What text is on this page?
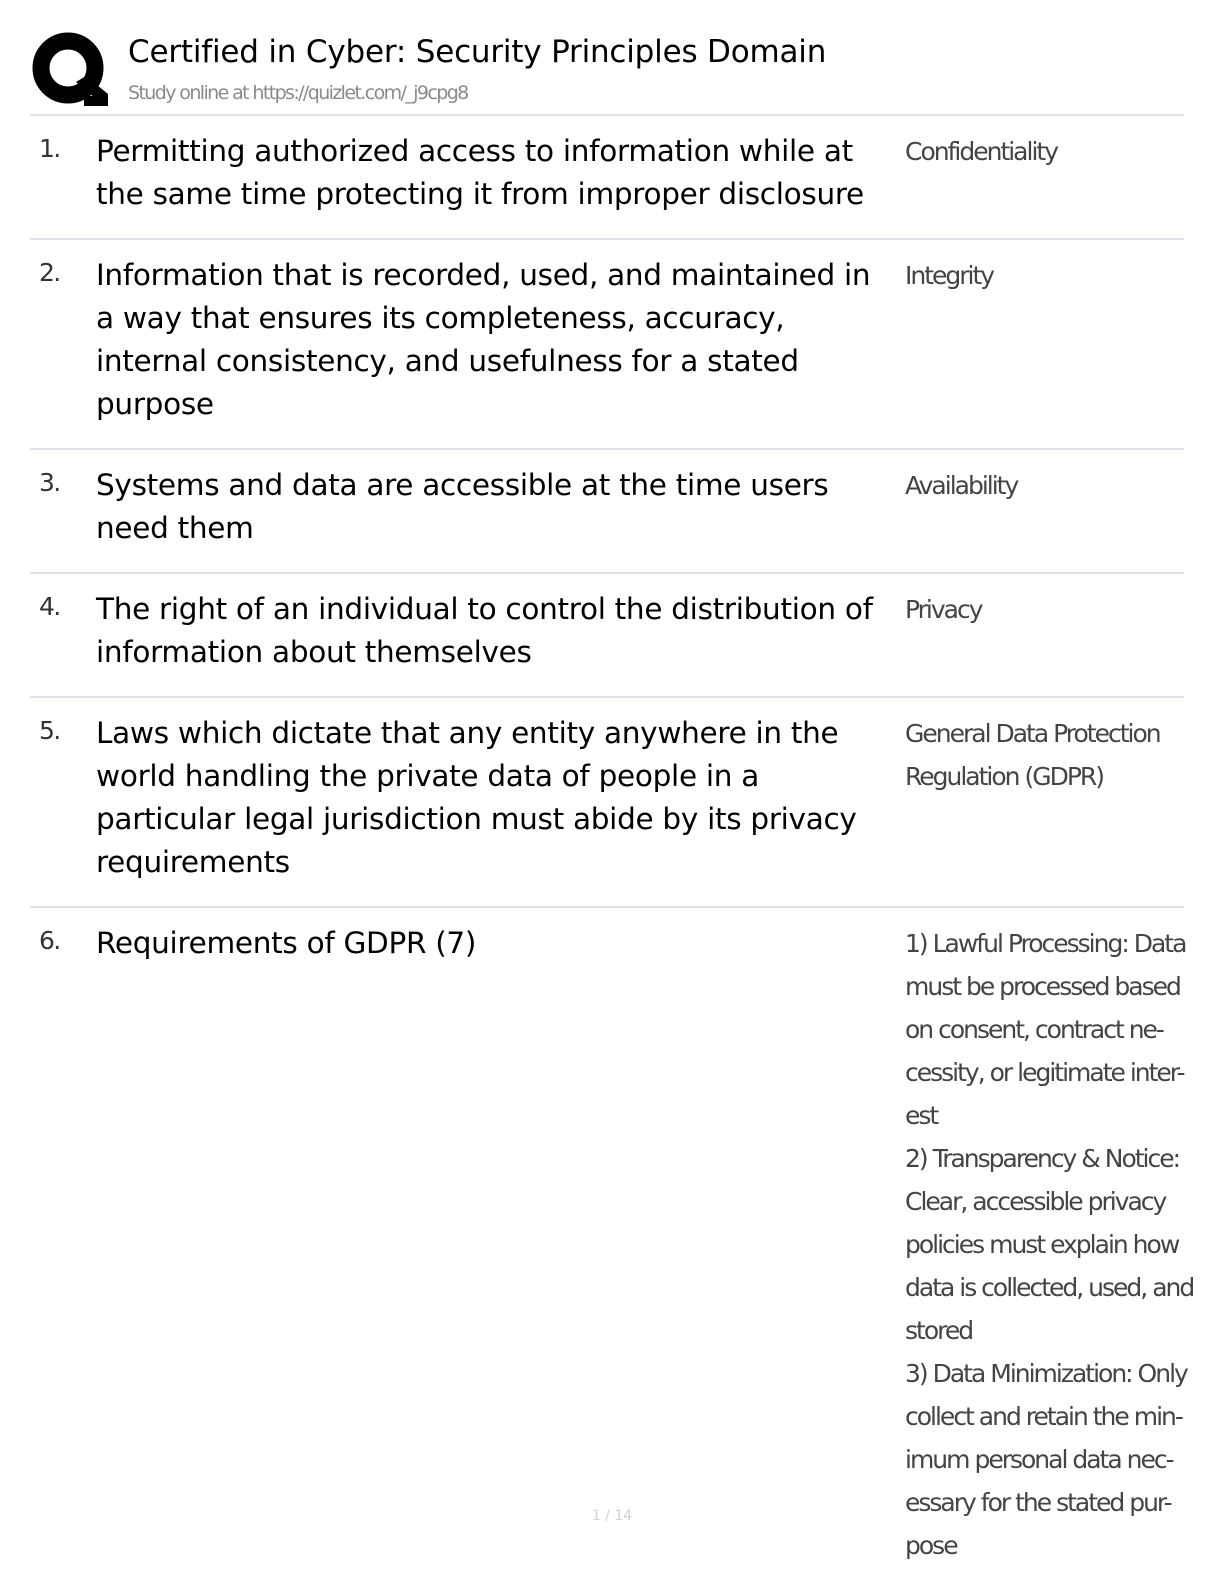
Certified in Cyber: Security Principles Domain
Study online at https://quizlet.com/_j9cpg8
1. Permitting authorized access to information while at the same time protecting it from improper disclosure
Confidentiality
2. Information that is recorded, used, and maintained in a way that ensures its completeness, accuracy, internal consistency, and usefulness for a stated purpose
Integrity
3. Systems and data are accessible at the time users need them
Availability
4. The right of an individual to control the distribution of information about themselves
Privacy
5. Laws which dictate that any entity anywhere in the world handling the private data of people in a particular legal jurisdiction must abide by its privacy requirements
General Data Protection
Regulation (GDPR)
6. Requirements of GDPR (7)	1) Lawful Processing: Data
must be processed based
on consent, contract ne-
cessity, or legitimate inter-
est
2) Transparency & Notice:
Clear, accessible privacy
policies must explain how
data is collected, used, and
stored
3) Data Minimization: Only
collect and retain the min-
imum personal data nec-
essary for the stated pur-
pose
1 / 14
